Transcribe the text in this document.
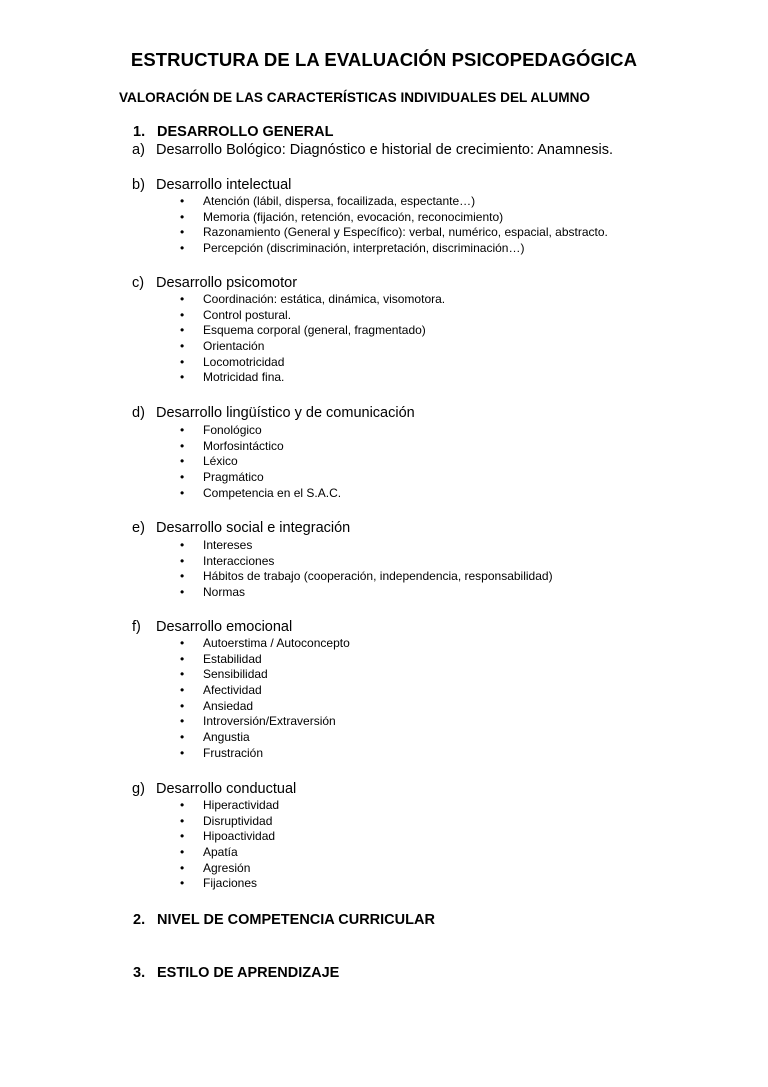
ESTRUCTURA DE LA EVALUACIÓN PSICOPEDAGÓGICA
VALORACIÓN DE LAS CARACTERÍSTICAS INDIVIDUALES DEL ALUMNO
1. DESARROLLO GENERAL
a) Desarrollo Bológico: Diagnóstico e historial de crecimiento: Anamnesis.
b) Desarrollo intelectual
• Atención (lábil, dispersa, focailizada, espectante…)
• Memoria (fijación, retención, evocación, reconocimiento)
• Razonamiento (General y Específico): verbal, numérico, espacial, abstracto.
• Percepción (discriminación, interpretación, discriminación…)
c) Desarrollo psicomotor
• Coordinación: estática, dinámica, visomotora.
• Control postural.
• Esquema corporal (general, fragmentado)
• Orientación
• Locomotricidad
• Motricidad fina.
d) Desarrollo lingüístico y de comunicación
• Fonológico
• Morfosintáctico
• Léxico
• Pragmático
• Competencia en el S.A.C.
e) Desarrollo social e integración
• Intereses
• Interacciones
• Hábitos de trabajo (cooperación, independencia, responsabilidad)
• Normas
f) Desarrollo emocional
• Autoerstima / Autoconcepto
• Estabilidad
• Sensibilidad
• Afectividad
• Ansiedad
• Introversión/Extraversión
• Angustia
• Frustración
g) Desarrollo conductual
• Hiperactividad
• Disruptividad
• Hipoactividad
• Apatía
• Agresión
• Fijaciones
2. NIVEL DE COMPETENCIA CURRICULAR
3. ESTILO DE APRENDIZAJE
